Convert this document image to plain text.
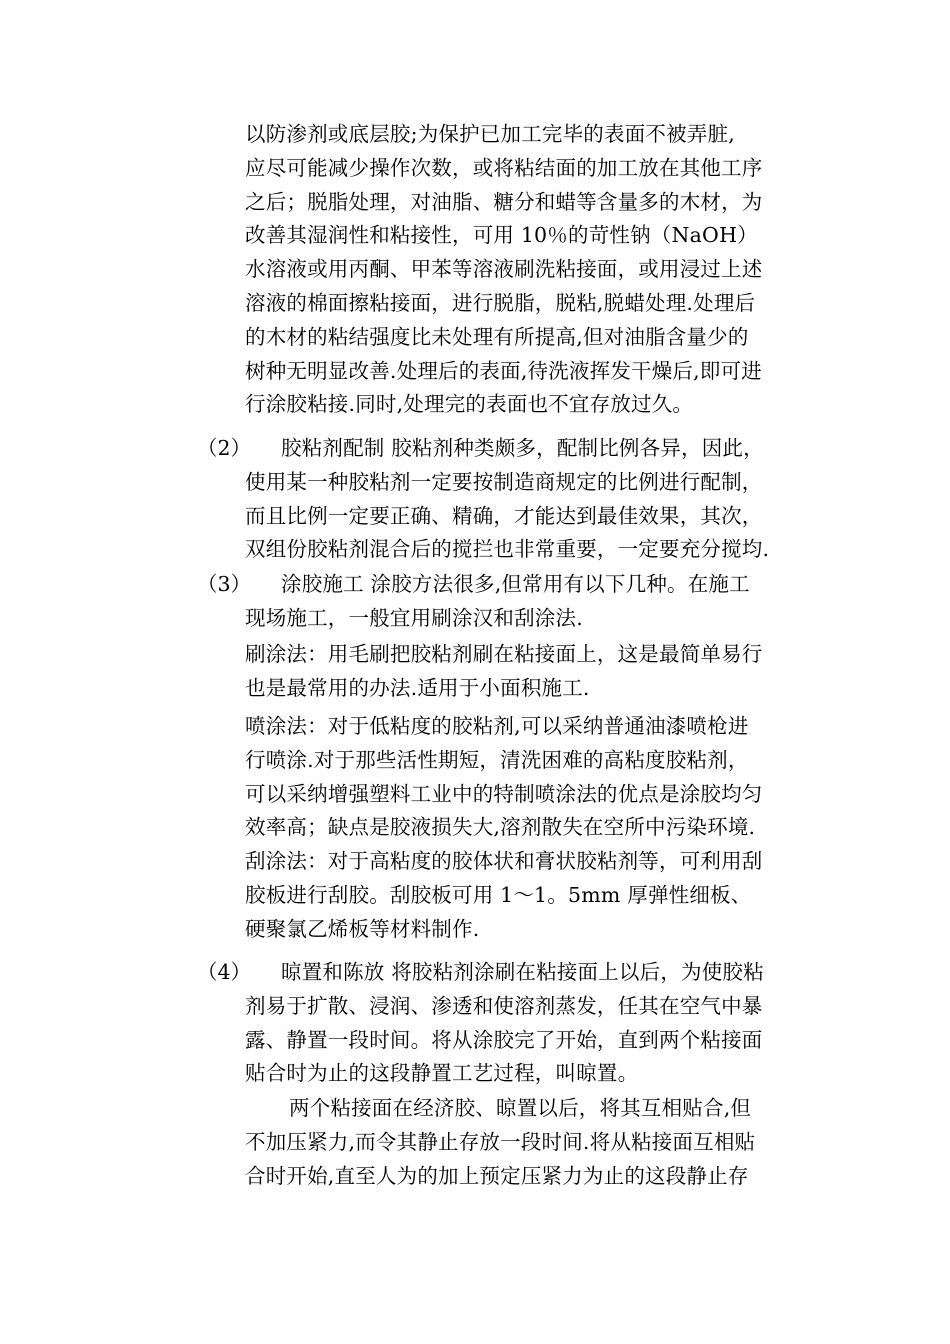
以防渗剂或底层胶;为保护已加工完毕的表面不被弄脏,
应尽可能减少操作次数，或将粘结面的加工放在其他工序
之后；脱脂处理，对油脂、糖分和蜡等含量多的木材，为
改善其湿润性和粘接性，可用 10％的苛性钠（NaOH）
水溶液或用丙酮、甲苯等溶液刷洗粘接面，或用浸过上述
溶液的棉面擦粘接面，进行脱脂，脱粘,脱蜡处理.处理后
的木材的粘结强度比未处理有所提高,但对油脂含量少的
树种无明显改善.处理后的表面,待洗液挥发干燥后,即可进
行涂胶粘接.同时,处理完的表面也不宜存放过久。
（2）	胶粘剂配制 胶粘剂种类颇多，配制比例各异，因此，
使用某一种胶粘剂一定要按制造商规定的比例进行配制，
而且比例一定要正确、精确，才能达到最佳效果，其次，
双组份胶粘剂混合后的搅拦也非常重要，一定要充分搅均.
（3）	涂胶施工 涂胶方法很多,但常用有以下几种。在施工
现场施工，一般宜用刷涂汉和刮涂法.
刷涂法：用毛刷把胶粘剂刷在粘接面上，这是最简单易行
也是最常用的办法.适用于小面积施工.
喷涂法：对于低粘度的胶粘剂,可以采纳普通油漆喷枪进
行喷涂.对于那些活性期短，清洗困难的高粘度胶粘剂，
可以采纳增强塑料工业中的特制喷涂法的优点是涂胶均匀
效率高；缺点是胶液损失大,溶剂散失在空所中污染环境.
刮涂法：对于高粘度的胶体状和膏状胶粘剂等，可利用刮
胶板进行刮胶。刮胶板可用 1～1。5mm 厚弹性细板、
硬聚氯乙烯板等材料制作.
（4）	晾置和陈放 将胶粘剂涂刷在粘接面上以后，为使胶粘
剂易于扩散、浸润、渗透和使溶剂蒸发，任其在空气中暴
露、静置一段时间。将从涂胶完了开始，直到两个粘接面
贴合时为止的这段静置工艺过程，叫晾置。
两个粘接面在经济胶、晾置以后，将其互相贴合,但
不加压紧力,而令其静止存放一段时间.将从粘接面互相贴
合时开始,直至人为的加上预定压紧力为止的这段静止存
